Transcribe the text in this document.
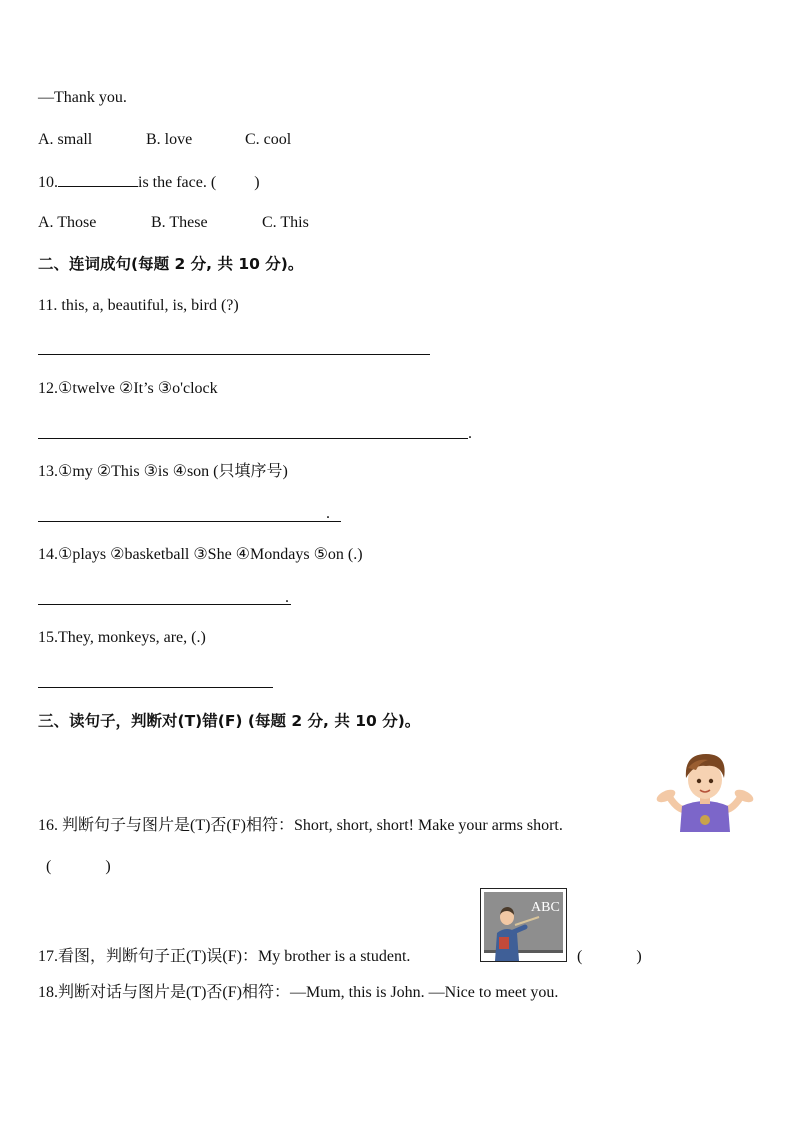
—Thank you.
A. small	B. love	C. cool
10.	is the face. ( )
A. Those	B. These	C. This
二、连词成句(每题 2 分, 共 10 分)。
11. this, a, beautiful, is, bird (?)
12.①twelve ②It’s ③o'clock
.
13.①my ②This ③is ④son (只填序号)
.
14.①plays ②basketball ③She ④Mondays ⑤on (.)
.
15.They, monkeys, are, (.)
三、读句子，判断对(T)错(F) (每题 2 分, 共 10 分)。
16. 判断句子与图片是(T)否(F)相符：Short, short, short! Make your arms short.
(	)
ABC
17.看图，判断句子正(T)误(F)：My brother is a student.	(	)
18.判断对话与图片是(T)否(F)相符：—Mum, this is John. —Nice to meet you.
